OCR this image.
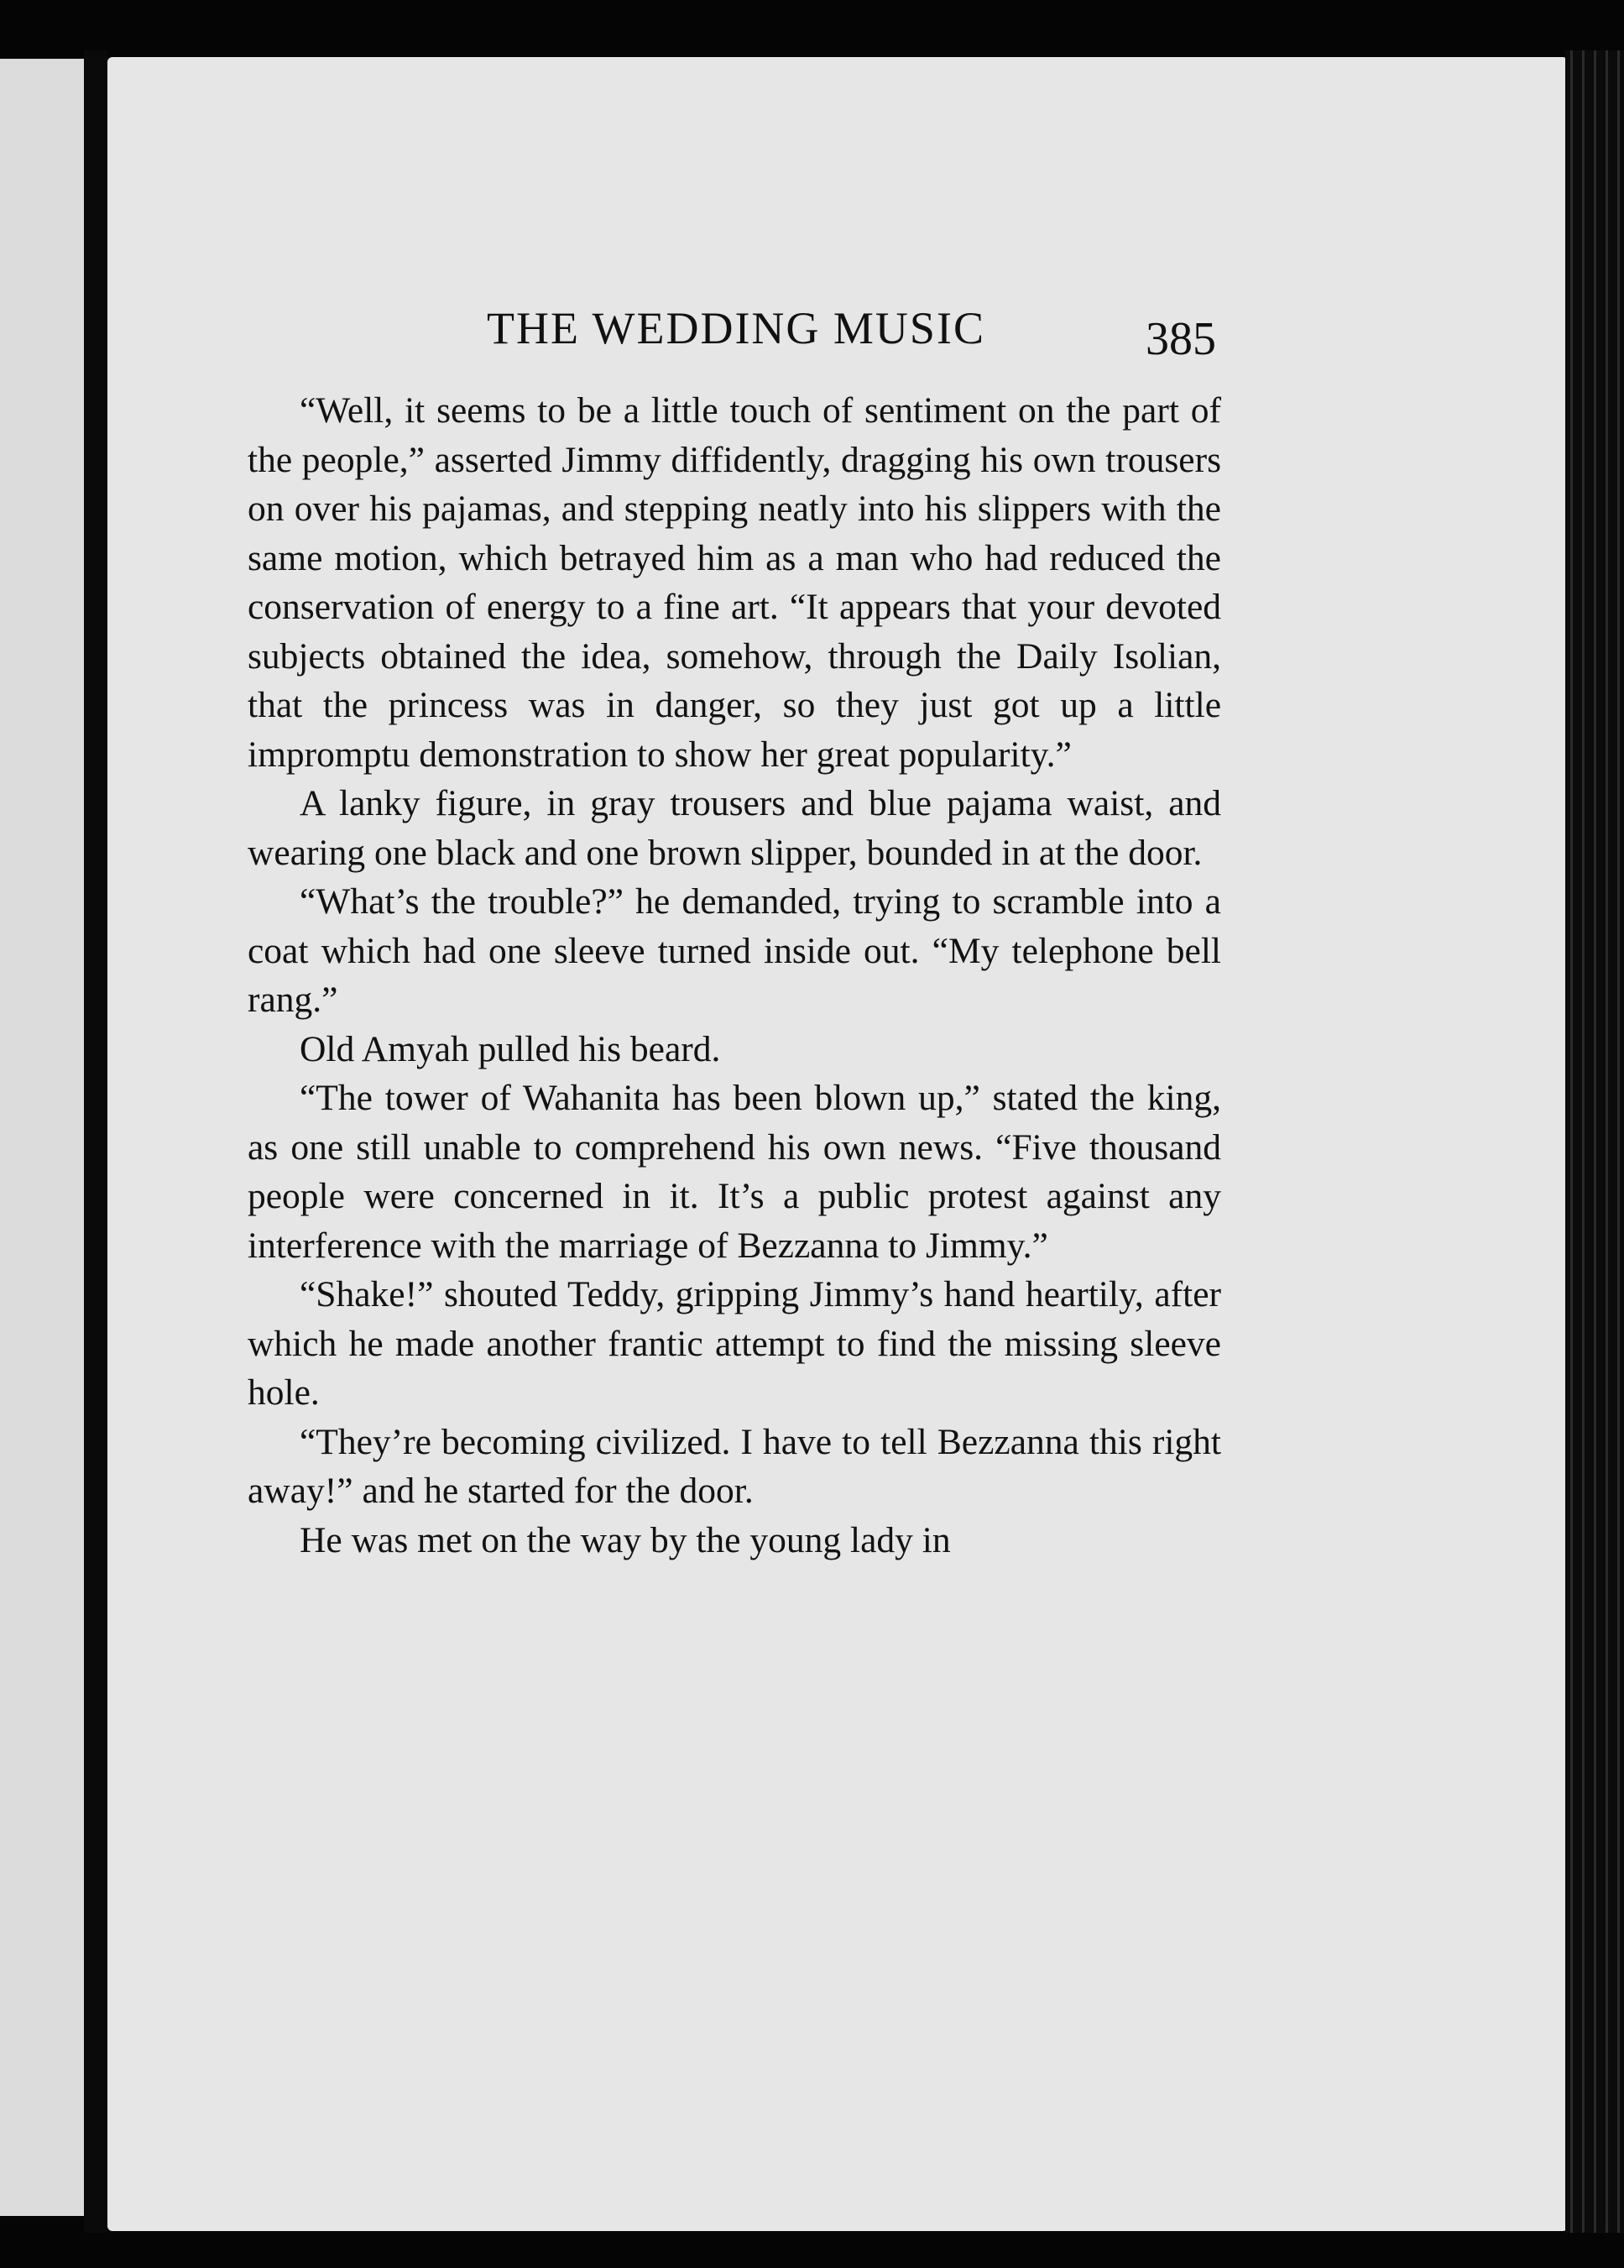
THE WEDDING MUSIC	385

“Well, it seems to be a little touch of sentiment on the part of the people,” asserted Jimmy diffidently, dragging his own trousers on over his pajamas, and stepping neatly into his slippers with the same motion, which betrayed him as a man who had reduced the conservation of energy to a fine art. “It appears that your devoted subjects obtained the idea, somehow, through the Daily Isolian, that the princess was in danger, so they just got up a little impromptu demonstration to show her great popularity.”

A lanky figure, in gray trousers and blue pajama waist, and wearing one black and one brown slipper, bounded in at the door.

“What’s the trouble?” he demanded, trying to scramble into a coat which had one sleeve turned inside out. “My telephone bell rang.”

Old Amyah pulled his beard.

“The tower of Wahanita has been blown up,” stated the king, as one still unable to comprehend his own news. “Five thousand people were concerned in it. It’s a public protest against any interference with the marriage of Bezzanna to Jimmy.”

“Shake!” shouted Teddy, gripping Jimmy’s hand heartily, after which he made another frantic attempt to find the missing sleeve hole.

“They’re becoming civilized. I have to tell Bezzanna this right away!” and he started for the door.

He was met on the way by the young lady in
